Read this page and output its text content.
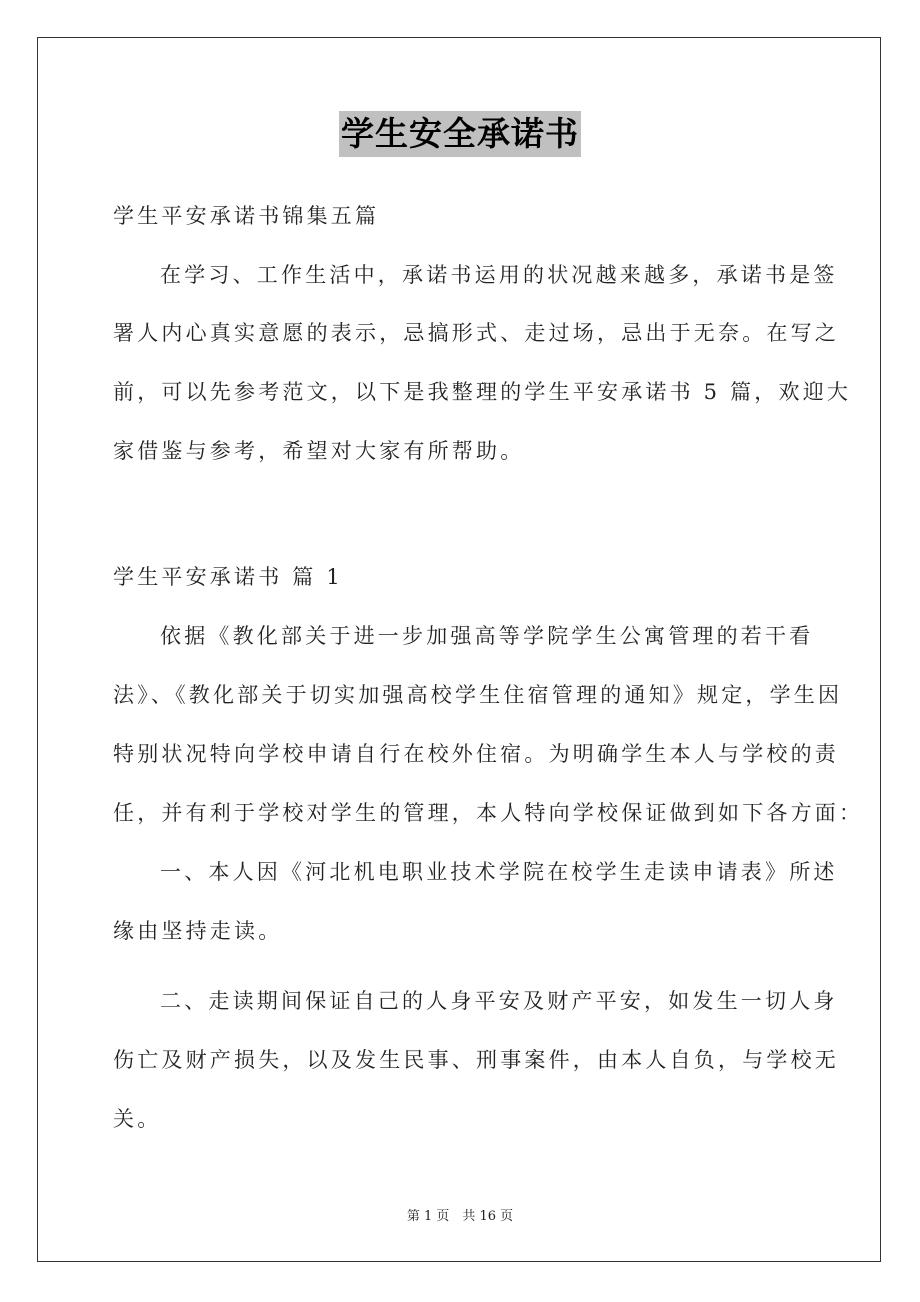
学生安全承诺书
学生平安承诺书锦集五篇
在学习、工作生活中，承诺书运用的状况越来越多，承诺书是签
署人内心真实意愿的表示，忌搞形式、走过场，忌出于无奈。在写之
前，可以先参考范文，以下是我整理的学生平安承诺书 5 篇，欢迎大
家借鉴与参考，希望对大家有所帮助。
学生平安承诺书 篇 1
依据《教化部关于进一步加强高等学院学生公寓管理的若干看
法》、《教化部关于切实加强高校学生住宿管理的通知》规定，学生因
特别状况特向学校申请自行在校外住宿。为明确学生本人与学校的责
任，并有利于学校对学生的管理，本人特向学校保证做到如下各方面：
一、本人因《河北机电职业技术学院在校学生走读申请表》所述
缘由坚持走读。
二、走读期间保证自己的人身平安及财产平安，如发生一切人身
伤亡及财产损失，以及发生民事、刑事案件，由本人自负，与学校无
关。
第 1 页　共 16 页
